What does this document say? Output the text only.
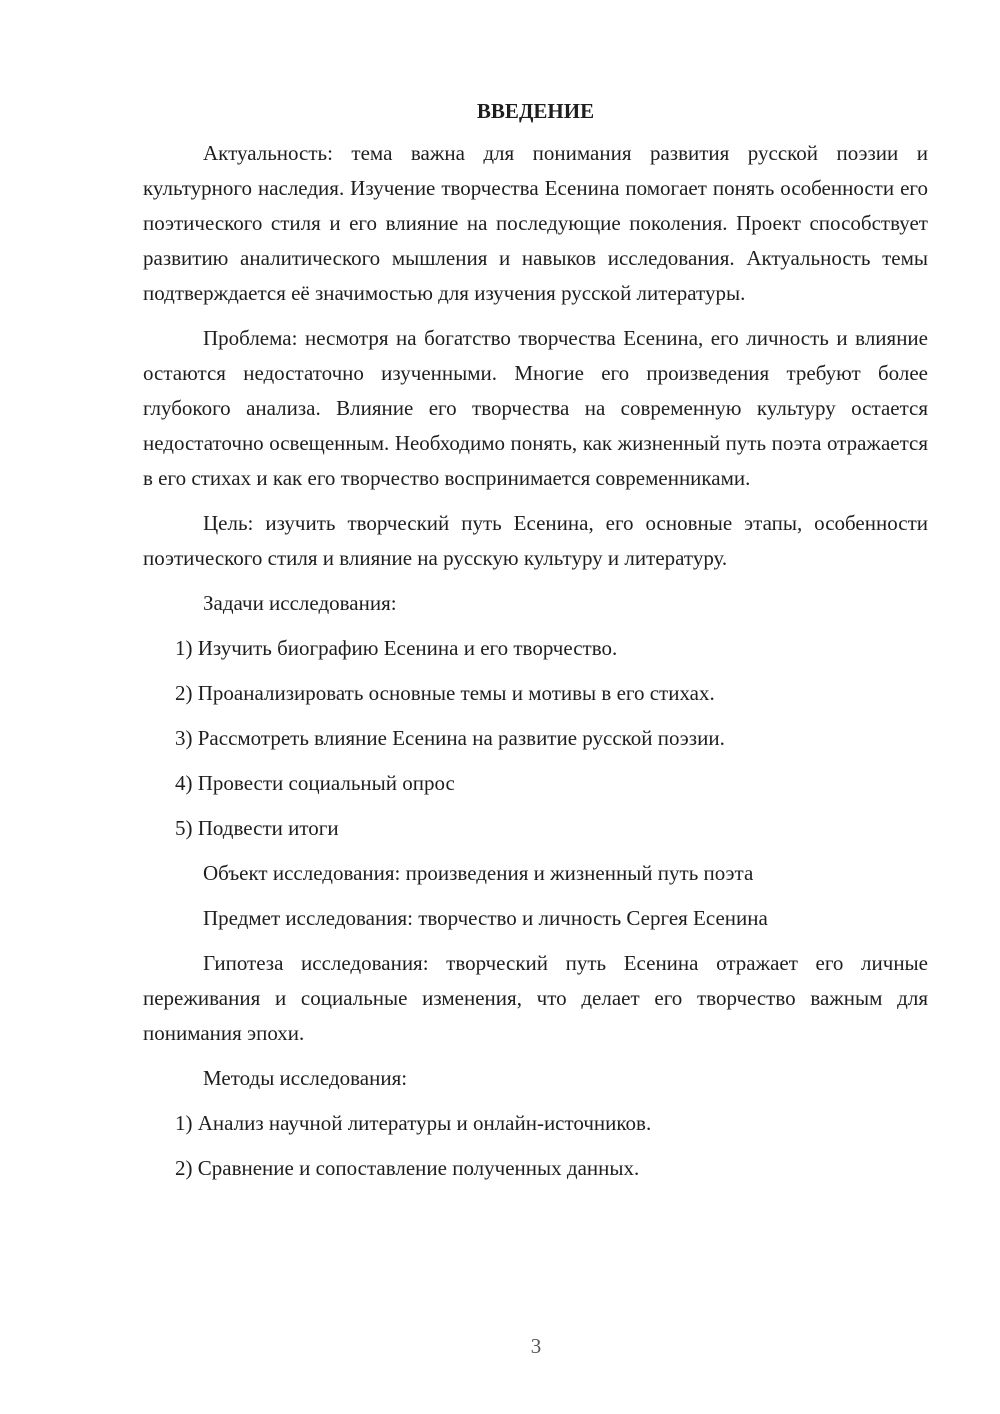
ВВЕДЕНИЕ

Актуальность: тема важна для понимания развития русской поэзии и культурного наследия. Изучение творчества Есенина помогает понять особенности его поэтического стиля и его влияние на последующие поколения. Проект способствует развитию аналитического мышления и навыков исследования. Актуальность темы подтверждается её значимостью для изучения русской литературы.

Проблема: несмотря на богатство творчества Есенина, его личность и влияние остаются недостаточно изученными. Многие его произведения требуют более глубокого анализа. Влияние его творчества на современную культуру остается недостаточно освещенным. Необходимо понять, как жизненный путь поэта отражается в его стихах и как его творчество воспринимается современниками.

Цель: изучить творческий путь Есенина, его основные этапы, особенности поэтического стиля и влияние на русскую культуру и литературу.

Задачи исследования:

1) Изучить биографию Есенина и его творчество.

2) Проанализировать основные темы и мотивы в его стихах.

3) Рассмотреть влияние Есенина на развитие русской поэзии.

4) Провести социальный опрос

5) Подвести итоги

Объект исследования: произведения и жизненный путь поэта

Предмет исследования: творчество и личность Сергея Есенина

Гипотеза исследования: творческий путь Есенина отражает его личные переживания и социальные изменения, что делает его творчество важным для понимания эпохи.

Методы исследования:

1) Анализ научной литературы и онлайн-источников.

2) Сравнение и сопоставление полученных данных.

3
